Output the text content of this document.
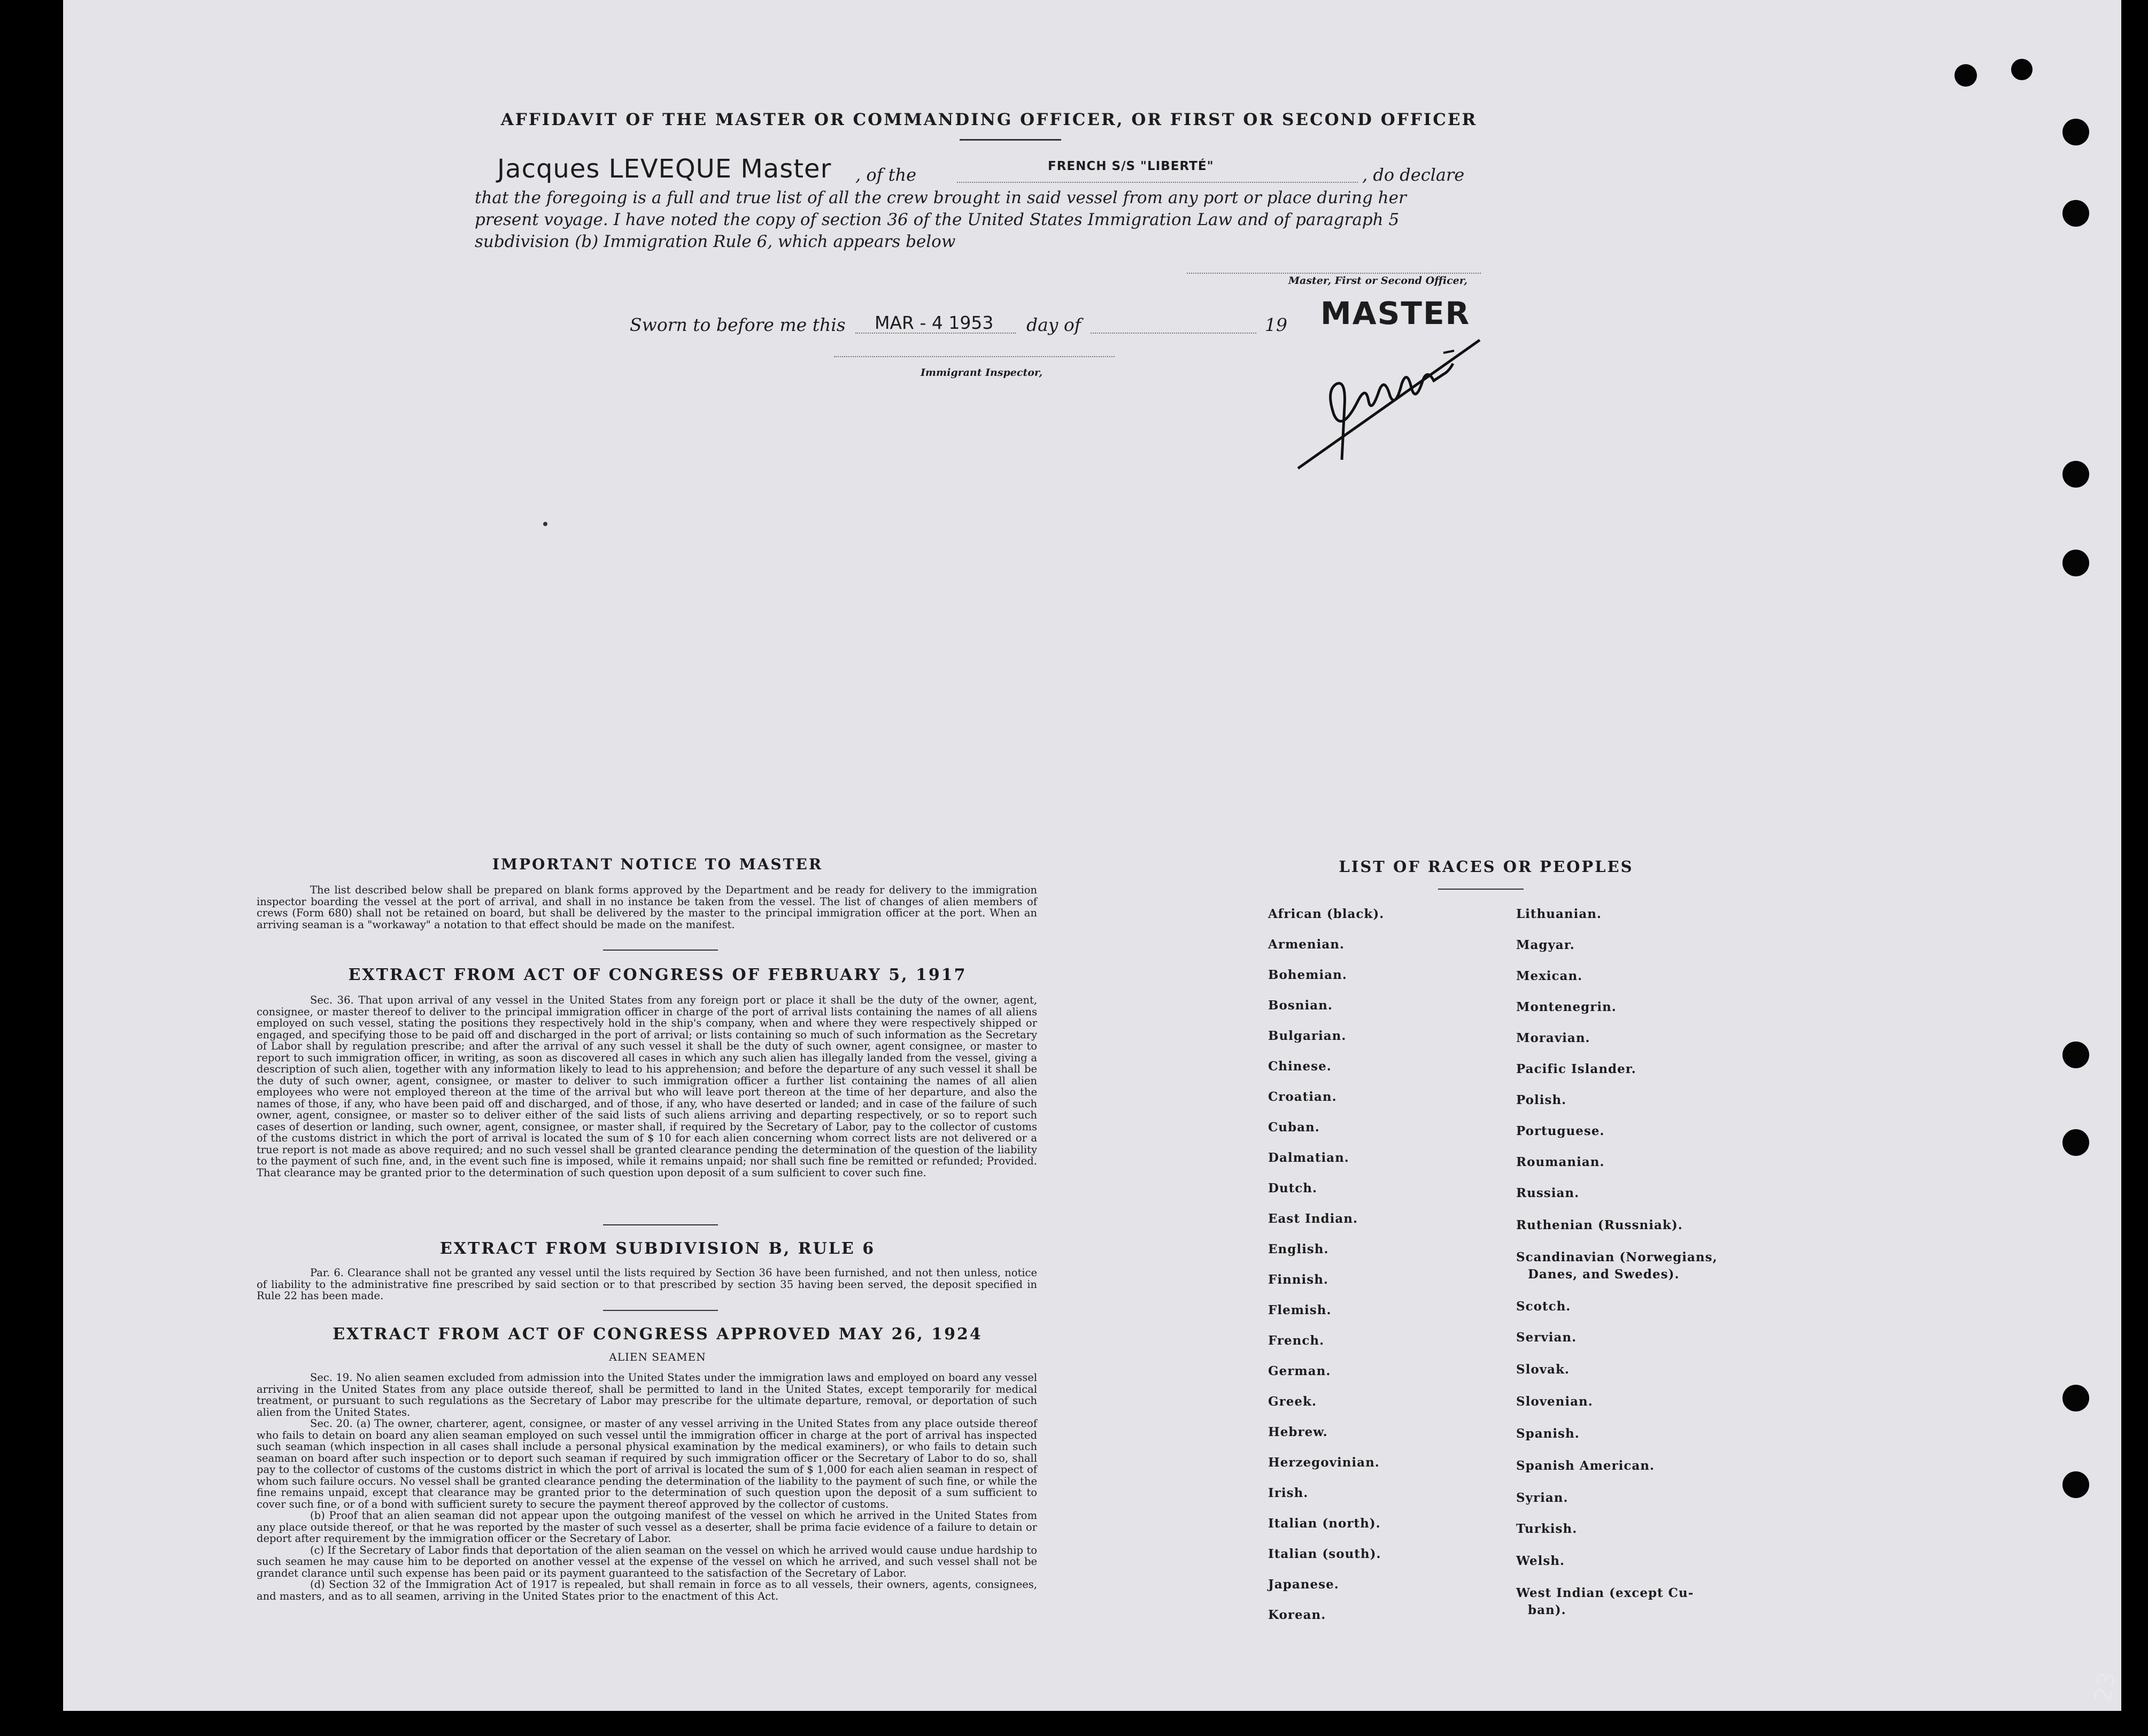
AFFIDAVIT OF THE MASTER OR COMMANDING OFFICER, OR FIRST OR SECOND OFFICER
Jacques LEVEQUE Master , of the	FRENCH S/S "LIBERTÉ"	, do declare
that the foregoing is a full and true list of all the crew brought in said vessel from any port or place during her
present voyage. I have noted the copy of section 36 of the United States Immigration Law and of paragraph 5
subdivision (b) Immigration Rule 6, which appears below
Master, First or Second Officer,
Sworn to before me this MAR - 4 1953 day of	19 MASTER
Immigrant Inspector,
IMPORTANT NOTICE TO MASTER

The list described below shall be prepared on blank forms approved by the Department and be ready for delivery to the immigration inspector boarding the vessel at the port of arrival, and shall in no instance be taken from the vessel. The list of changes of alien members of crews (Form 680) shall not be retained on board, but shall be delivered by the master to the principal immigration officer at the port. When an arriving seaman is a "workaway" a notation to that effect should be made on the manifest.

EXTRACT FROM ACT OF CONGRESS OF FEBRUARY 5, 1917

Sec. 36. That upon arrival of any vessel in the United States from any foreign port or place it shall be the duty of the owner, agent, consignee, or master thereof to deliver to the principal immigration officer in charge of the port of arrival lists containing the names of all aliens employed on such vessel, stating the positions they respectively hold in the ship's company, when and where they were respectively shipped or engaged, and specifying those to be paid off and discharged in the port of arrival; or lists containing so much of such information as the Secretary of Labor shall by regulation prescribe; and after the arrival of any such vessel it shall be the duty of such owner, agent consignee, or master to report to such immigration officer, in writing, as soon as discovered all cases in which any such alien has illegally landed from the vessel, giving a description of such alien, together with any information likely to lead to his apprehension; and before the departure of any such vessel it shall be the duty of such owner, agent, consignee, or master to deliver to such immigration officer a further list containing the names of all alien employees who were not employed thereon at the time of the arrival but who will leave port thereon at the time of her departure, and also the names of those, if any, who have been paid off and discharged, and of those, if any, who have deserted or landed; and in case of the failure of such owner, agent, consignee, or master so to deliver either of the said lists of such aliens arriving and departing respectively, or so to report such cases of desertion or landing, such owner, agent, consignee, or master shall, if required by the Secretary of Labor, pay to the collector of customs of the customs district in which the port of arrival is located the sum of $ 10 for each alien concerning whom correct lists are not delivered or a true report is not made as above required; and no such vessel shall be granted clearance pending the determination of the question of the liability to the payment of such fine, and, in the event such fine is imposed, while it remains unpaid; nor shall such fine be remitted or refunded; Provided. That clearance may be granted prior to the determination of such question upon deposit of a sum sulficient to cover such fine.

EXTRACT FROM SUBDIVISION B, RULE 6

Par. 6. Clearance shall not be granted any vessel until the lists required by Section 36 have been furnished, and not then unless, notice of liability to the administrative fine prescribed by said section or to that prescribed by section 35 having been served, the deposit specified in Rule 22 has been made.

EXTRACT FROM ACT OF CONGRESS APPROVED MAY 26, 1924
ALIEN SEAMEN

Sec. 19. No alien seamen excluded from admission into the United States under the immigration laws and employed on board any vessel arriving in the United States from any place outside thereof, shall be permitted to land in the United States, except temporarily for medical treatment, or pursuant to such regulations as the Secretary of Labor may prescribe for the ultimate departure, removal, or deportation of such alien from the United States.

Sec. 20. (a) The owner, charterer, agent, consignee, or master of any vessel arriving in the United States from any place outside thereof who fails to detain on board any alien seaman employed on such vessel until the immigration officer in charge at the port of arrival has inspected such seaman (which inspection in all cases shall include a personal physical examination by the medical examiners), or who fails to detain such seaman on board after such inspection or to deport such seaman if required by such immigration officer or the Secretary of Labor to do so, shall pay to the collector of customs of the customs district in which the port of arrival is located the sum of $ 1,000 for each alien seaman in respect of whom such failure occurs. No vessel shall be granted clearance pending the determination of the liability to the payment of such fine, or while the fine remains unpaid, except that clearance may be granted prior to the determination of such question upon the deposit of a sum sufficient to cover such fine, or of a bond with sufficient surety to secure the payment thereof approved by the collector of customs.

(b) Proof that an alien seaman did not appear upon the outgoing manifest of the vessel on which he arrived in the United States from any place outside thereof, or that he was reported by the master of such vessel as a deserter, shall be prima facie evidence of a failure to detain or deport after requirement by the immigration officer or the Secretary of Labor.

(c) If the Secretary of Labor finds that deportation of the alien seaman on the vessel on which he arrived would cause undue hardship to such seamen he may cause him to be deported on another vessel at the expense of the vessel on which he arrived, and such vessel shall not be grandet clarance until such expense has been paid or its payment guaranteed to the satisfaction of the Secretary of Labor.

(d) Section 32 of the Immigration Act of 1917 is repealed, but shall remain in force as to all vessels, their owners, agents, consignees, and masters, and as to all seamen, arriving in the United States prior to the enactment of this Act.

LIST OF RACES OR PEOPLES
African (black).
Armenian.
Bohemian.
Bosnian.
Bulgarian.
Chinese.
Croatian.
Cuban.
Dalmatian.
Dutch.
East Indian.
English.
Finnish.
Flemish.
French.
German.
Greek.
Hebrew.
Herzegovinian.
Irish.
Italian (north).
Italian (south).
Japanese.
Korean.
Lithuanian.
Magyar.
Mexican.
Montenegrin.
Moravian.
Pacific Islander.
Polish.
Portuguese.
Roumanian.
Russian.
Ruthenian (Russniak).
Scandinavian (Norwegians,
Danes, and Swedes).
Scotch.
Servian.
Slovak.
Slovenian.
Spanish.
Spanish American.
Syrian.
Turkish.
Welsh.
West Indian (except Cu-
ban).
23
